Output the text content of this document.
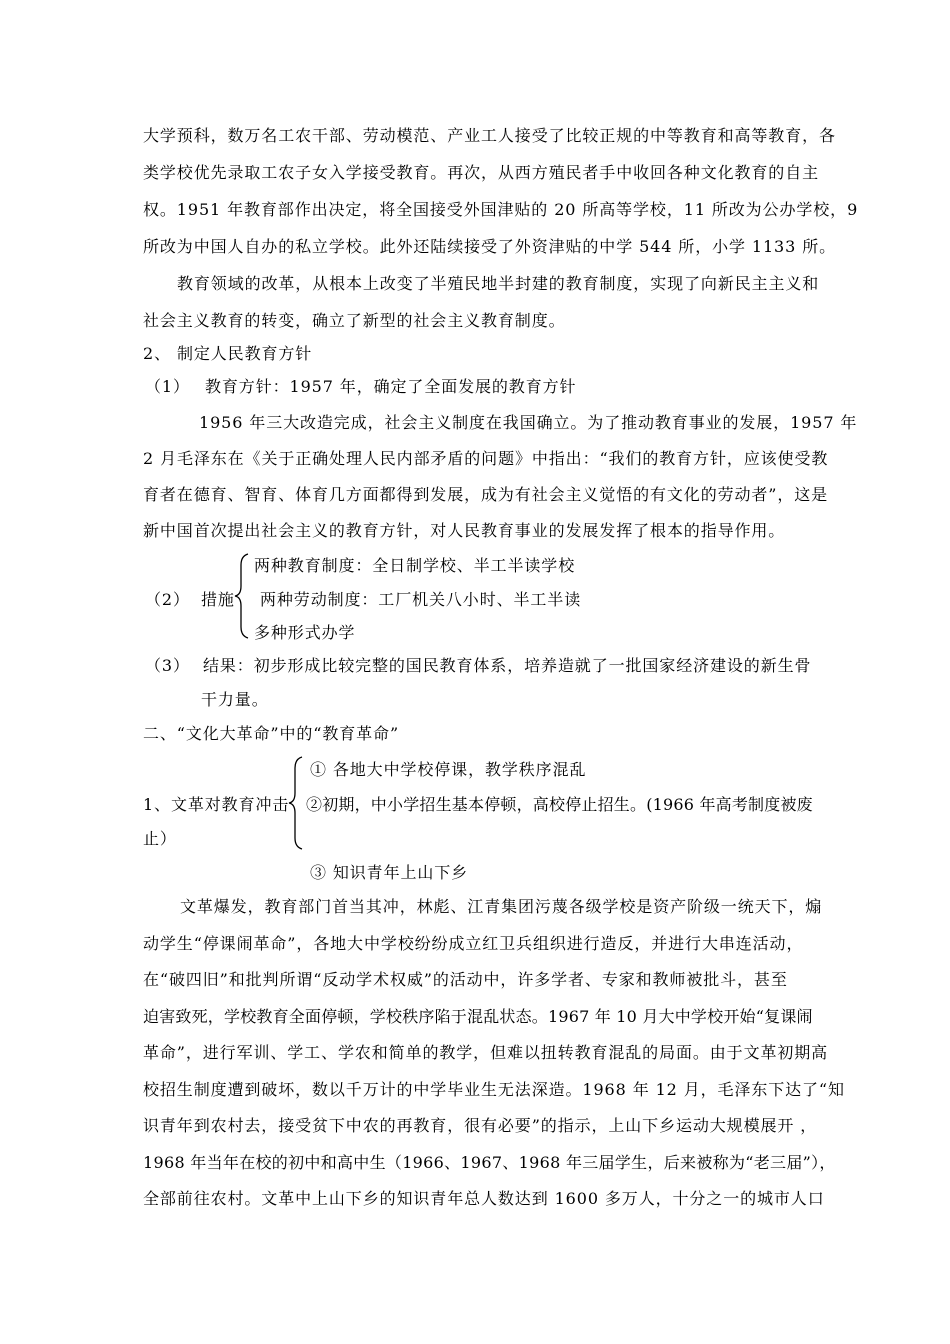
大学预科，数万名工农干部、劳动模范、产业工人接受了比较正规的中等教育和高等教育，各
类学校优先录取工农子女入学接受教育。再次，从西方殖民者手中收回各种文化教育的自主
权。1951 年教育部作出决定，将全国接受外国津贴的 20 所高等学校，11 所改为公办学校，9
所改为中国人自办的私立学校。此外还陆续接受了外资津贴的中学 544 所，小学 1133 所。
教育领域的改革，从根本上改变了半殖民地半封建的教育制度，实现了向新民主主义和
社会主义教育的转变，确立了新型的社会主义教育制度。
2、 制定人民教育方针
（1） 教育方针：1957 年，确定了全面发展的教育方针
1956 年三大改造完成，社会主义制度在我国确立。为了推动教育事业的发展，1957 年
2 月毛泽东在《关于正确处理人民内部矛盾的问题》中指出：“我们的教育方针，应该使受教
育者在德育、智育、体育几方面都得到发展，成为有社会主义觉悟的有文化的劳动者”，这是
新中国首次提出社会主义的教育方针，对人民教育事业的发展发挥了根本的指导作用。
（2） 措施
两种教育制度：全日制学校、半工半读学校
两种劳动制度：工厂机关八小时、半工半读
多种形式办学
（3） 结果：初步形成比较完整的国民教育体系，培养造就了一批国家经济建设的新生骨
干力量。
二、“文化大革命”中的“教育革命”
① 各地大中学校停课，教学秩序混乱
1、文革对教育冲击 ②初期，中小学招生基本停顿，高校停止招生。(1966 年高考制度被废
止）
③ 知识青年上山下乡
文革爆发，教育部门首当其冲，林彪、江青集团污蔑各级学校是资产阶级一统天下，煽
动学生“停课闹革命”，各地大中学校纷纷成立红卫兵组织进行造反，并进行大串连活动，
在“破四旧”和批判所谓“反动学术权威”的活动中，许多学者、专家和教师被批斗，甚至
迫害致死，学校教育全面停顿，学校秩序陷于混乱状态。1967 年 10 月大中学校开始“复课闹
革命”，进行军训、学工、学农和简单的教学，但难以扭转教育混乱的局面。由于文革初期高
校招生制度遭到破坏，数以千万计的中学毕业生无法深造。1968 年 12 月，毛泽东下达了“知
识青年到农村去，接受贫下中农的再教育，很有必要”的指示，上山下乡运动大规模展开 ，
1968 年当年在校的初中和高中生（1966、1967、1968 年三届学生，后来被称为“老三届”），
全部前往农村。文革中上山下乡的知识青年总人数达到 1600 多万人，十分之一的城市人口
